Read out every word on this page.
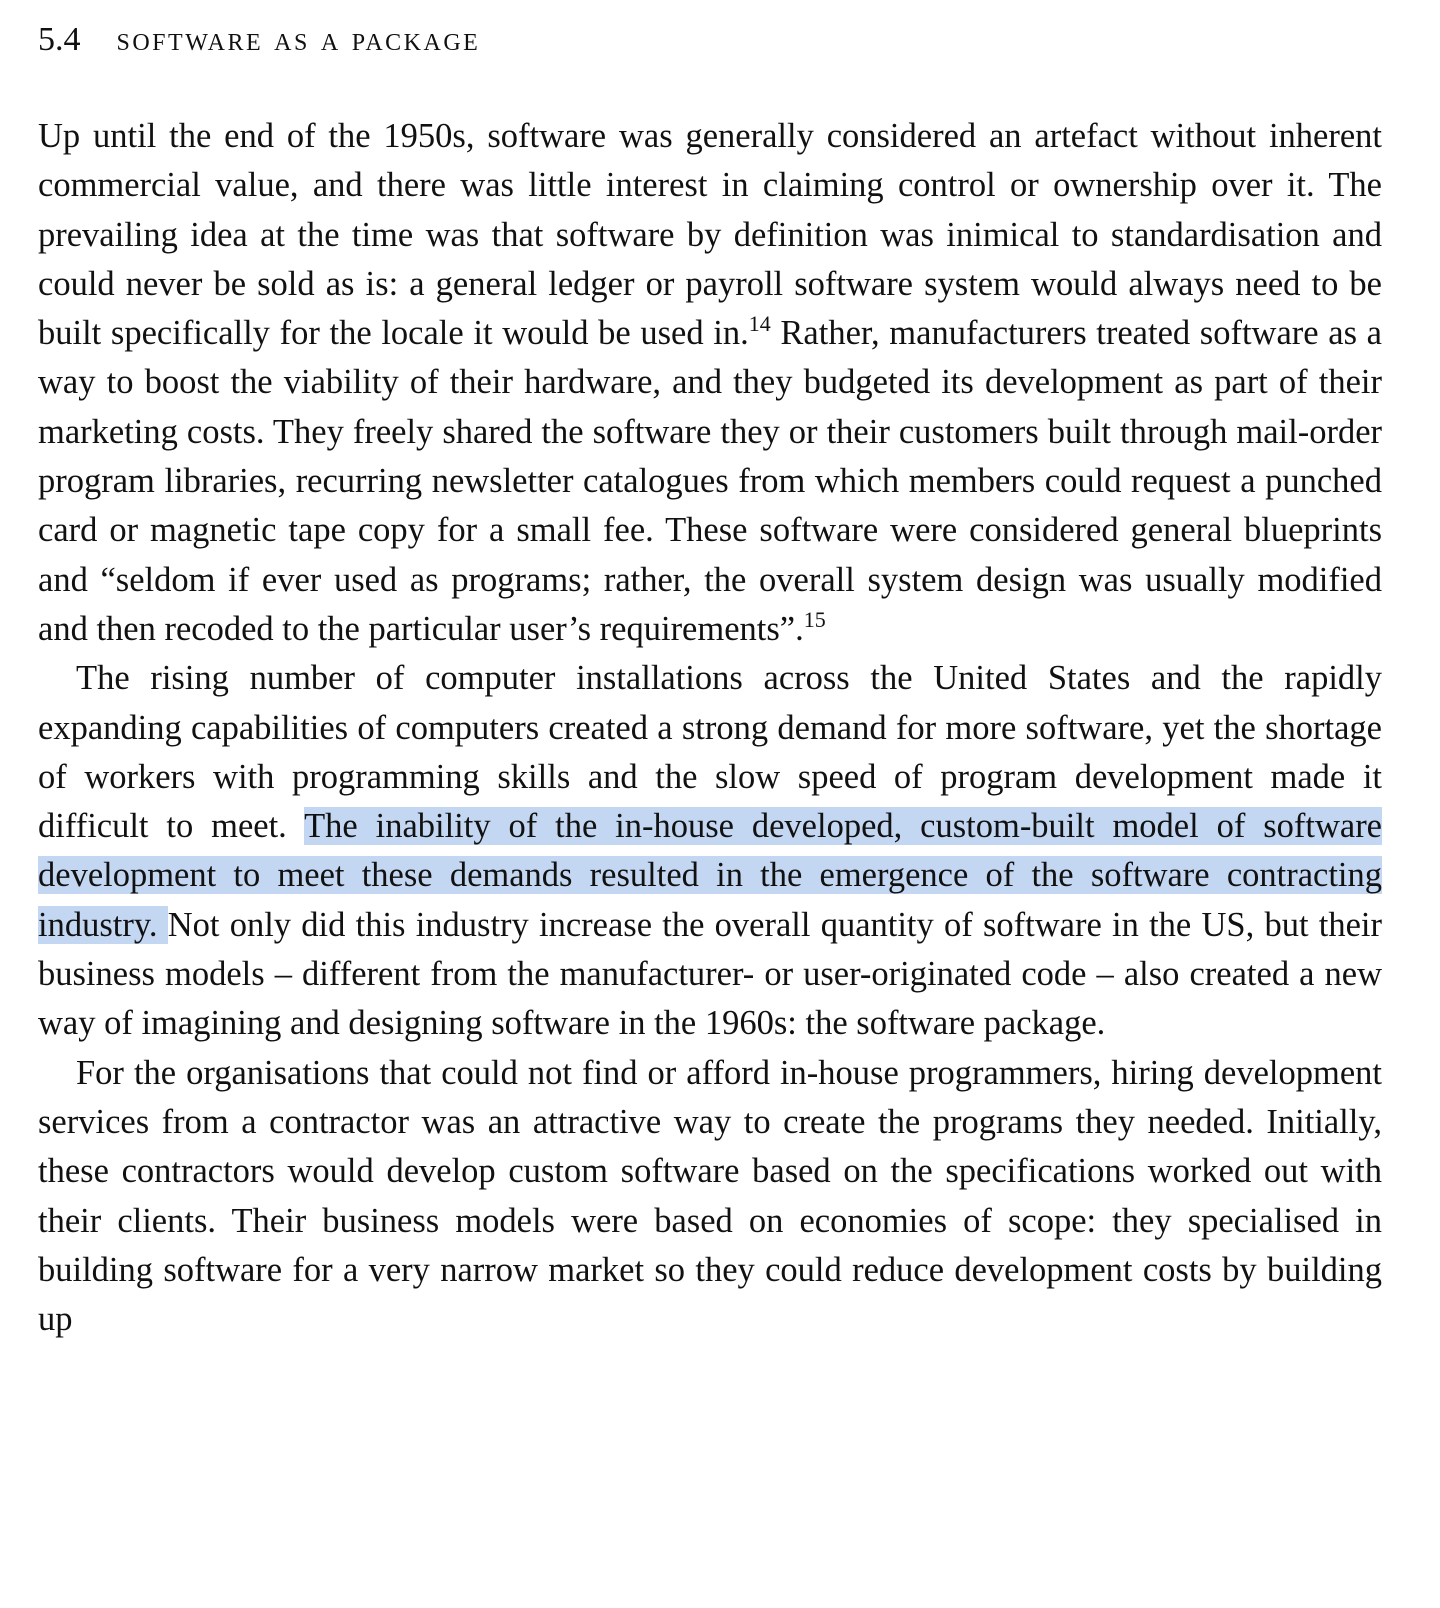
5.4 software as a package

Up until the end of the 1950s, software was generally considered an artefact without inherent commercial value, and there was little interest in claiming control or ownership over it. The prevailing idea at the time was that software by definition was inimical to standardisation and could never be sold as is: a general ledger or payroll software system would always need to be built specifically for the locale it would be used in.$^{14}$ Rather, manufacturers treated software as a way to boost the viability of their hardware, and they budgeted its development as part of their marketing costs. They freely shared the software they or their customers built through mail-order program libraries, recurring newsletter catalogues from which members could request a punched card or magnetic tape copy for a small fee. These software were considered general blueprints and “seldom if ever used as programs; rather, the overall system design was usually modified and then recoded to the particular user’s requirements”.$^{15}$

The rising number of computer installations across the United States and the rapidly expanding capabilities of computers created a strong demand for more software, yet the shortage of workers with programming skills and the slow speed of program development made it difficult to meet. The inability of the in-house developed, custom-built model of software development to meet these demands resulted in the emergence of the software contracting industry. Not only did this industry increase the overall quantity of software in the US, but their business models – different from the manufacturer- or user-originated code – also created a new way of imagining and designing software in the 1960s: the software package.

For the organisations that could not find or afford in-house programmers, hiring development services from a contractor was an attractive way to create the programs they needed. Initially, these contractors would develop custom software based on the specifications worked out with their clients. Their business models were based on economies of scope: they specialised in building software for a very narrow market so they could reduce development costs by building up
